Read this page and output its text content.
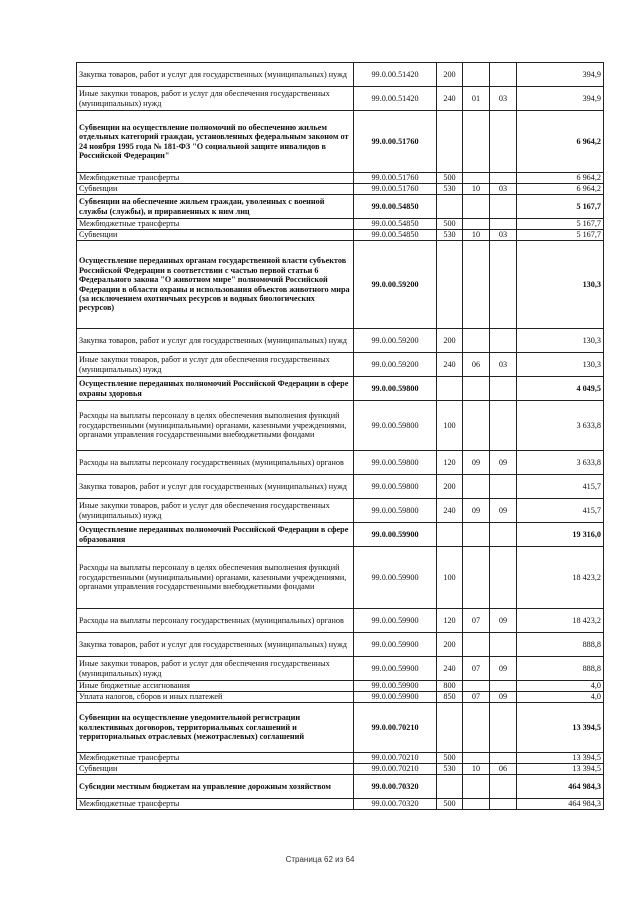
Закупка товаров, работ и услуг для государственных (муниципальных) нужд	99.0.00.51420	200			394,9
Иные закупки товаров, работ и услуг для обеспечения государственных (муниципальных) нужд	99.0.00.51420	240	01	03	394,9
Субвенции на осуществление полномочий по обеспечению жильем отдельных категорий граждан, установленных федеральным законом от 24 ноября 1995 года № 181-ФЗ "О социальной защите инвалидов в Российской Федерации"	99.0.00.51760				6 964,2
Межбюджетные трансферты	99.0.00.51760	500			6 964,2
Субвенции	99.0.00.51760	530	10	03	6 964,2
Субвенции на обеспечение жильем граждан, уволенных с военной службы (службы), и приравненных к ним лиц	99.0.00.54850				5 167,7
Межбюджетные трансферты	99.0.00.54850	500			5 167,7
Субвенции	99.0.00.54850	530	10	03	5 167,7
Осуществление переданных органам государственной власти субъектов Российской Федерации в соответствии с частью первой статьи 6 Федерального закона "О животном мире" полномочий Российской Федерации в области охраны и использования объектов животного мира (за исключением охотничьих ресурсов и водных биологических ресурсов)	99.0.00.59200				130,3
Закупка товаров, работ и услуг для государственных (муниципальных) нужд	99.0.00.59200	200			130,3
Иные закупки товаров, работ и услуг для обеспечения государственных (муниципальных) нужд	99.0.00.59200	240	06	03	130,3
Осуществление переданных полномочий Российской Федерации в сфере охраны здоровья	99.0.00.59800				4 049,5
Расходы на выплаты персоналу в целях обеспечения выполнения функций государственными (муниципальными) органами, казенными учреждениями, органами управления государственными внебюджетными фондами	99.0.00.59800	100			3 633,8
Расходы на выплаты персоналу государственных (муниципальных) органов	99.0.00.59800	120	09	09	3 633,8
Закупка товаров, работ и услуг для государственных (муниципальных) нужд	99.0.00.59800	200			415,7
Иные закупки товаров, работ и услуг для обеспечения государственных (муниципальных) нужд	99.0.00.59800	240	09	09	415,7
Осуществление переданных полномочий Российской Федерации в сфере образования	99.0.00.59900				19 316,0
Расходы на выплаты персоналу в целях обеспечения выполнения функций государственными (муниципальными) органами, казенными учреждениями, органами управления государственными внебюджетными фондами	99.0.00.59900	100			18 423,2
Расходы на выплаты персоналу государственных (муниципальных) органов	99.0.00.59900	120	07	09	18 423,2
Закупка товаров, работ и услуг для государственных (муниципальных) нужд	99.0.00.59900	200			888,8
Иные закупки товаров, работ и услуг для обеспечения государственных (муниципальных) нужд	99.0.00.59900	240	07	09	888,8
Иные бюджетные ассигнования	99.0.00.59900	800			4,0
Уплата налогов, сборов и иных платежей	99.0.00.59900	850	07	09	4,0
Субвенции на осуществление уведомительной регистрации коллективных договоров, территориальных соглашений и территориальных отраслевых (межотраслевых) соглашений	99.0.00.70210				13 394,5
Межбюджетные трансферты	99.0.00.70210	500			13 394,5
Субвенции	99.0.00.70210	530	10	06	13 394,5
Субсидии местным бюджетам на управление дорожным хозяйством	99.0.00.70320				464 984,3
Межбюджетные трансферты	99.0.00.70320	500			464 984,3
Страница 62 из 64
